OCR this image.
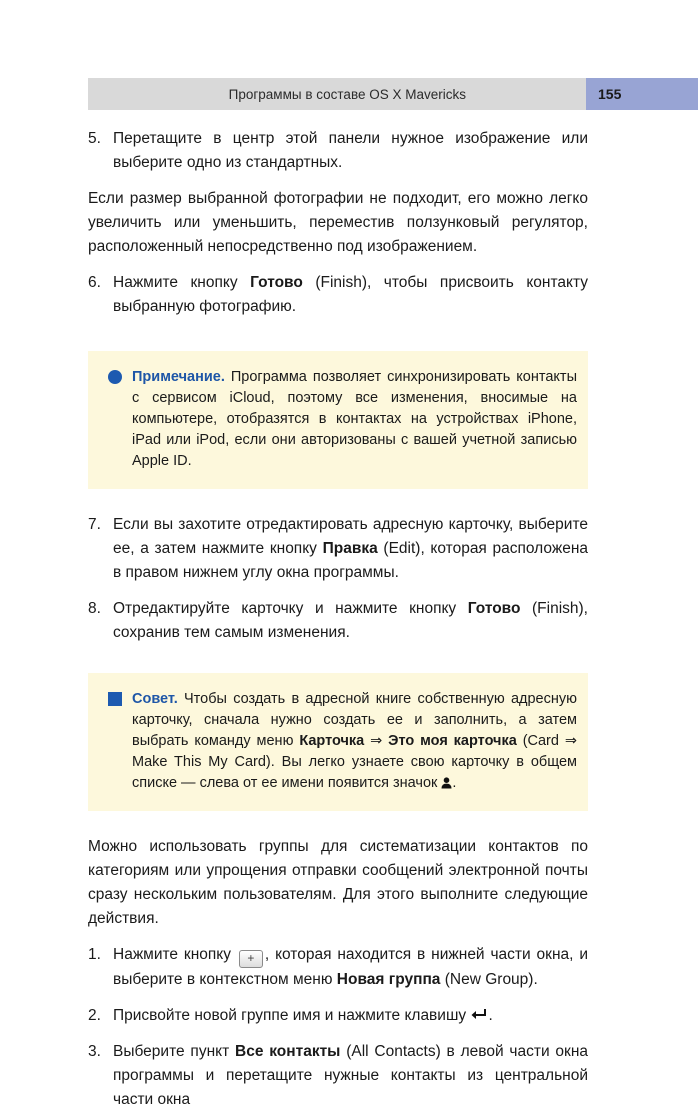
Программы в составе OS X Mavericks	155
5. Перетащите в центр этой панели нужное изображение или выберите одно из стандартных.

Если размер выбранной фотографии не подходит, его можно легко увеличить или уменьшить, переместив ползунковый регулятор, расположенный непосредственно под изображением.

6. Нажмите кнопку Готово (Finish), чтобы присвоить контакту выбранную фотографию.
Примечание. Программа позволяет синхронизировать контакты с сервисом iCloud, поэтому все изменения, вносимые на компьютере, отобразятся в контактах на устройствах iPhone, iPad или iPod, если они авторизованы с вашей учетной записью Apple ID.
7. Если вы захотите отредактировать адресную карточку, выберите ее, а затем нажмите кнопку Правка (Edit), которая расположена в правом нижнем углу окна программы.
8. Отредактируйте карточку и нажмите кнопку Готово (Finish), сохранив тем самым изменения.
Совет. Чтобы создать в адресной книге собственную адресную карточку, сначала нужно создать ее и заполнить, а затем выбрать команду меню Карточка ⇒ Это моя карточка (Card ⇒ Make This My Card). Вы легко узнаете свою карточку в общем списке — слева от ее имени появится значок .

Можно использовать группы для систематизации контактов по категориям или упрощения отправки сообщений электронной почты сразу нескольким пользователям. Для этого выполните следующие действия.

1. Нажмите кнопку + , которая находится в нижней части окна, и выберите в контекстном меню Новая группа (New Group).
2. Присвойте новой группе имя и нажмите клавишу .
3. Выберите пункт Все контакты (All Contacts) в левой части окна программы и перетащите нужные контакты из центральной части окна
